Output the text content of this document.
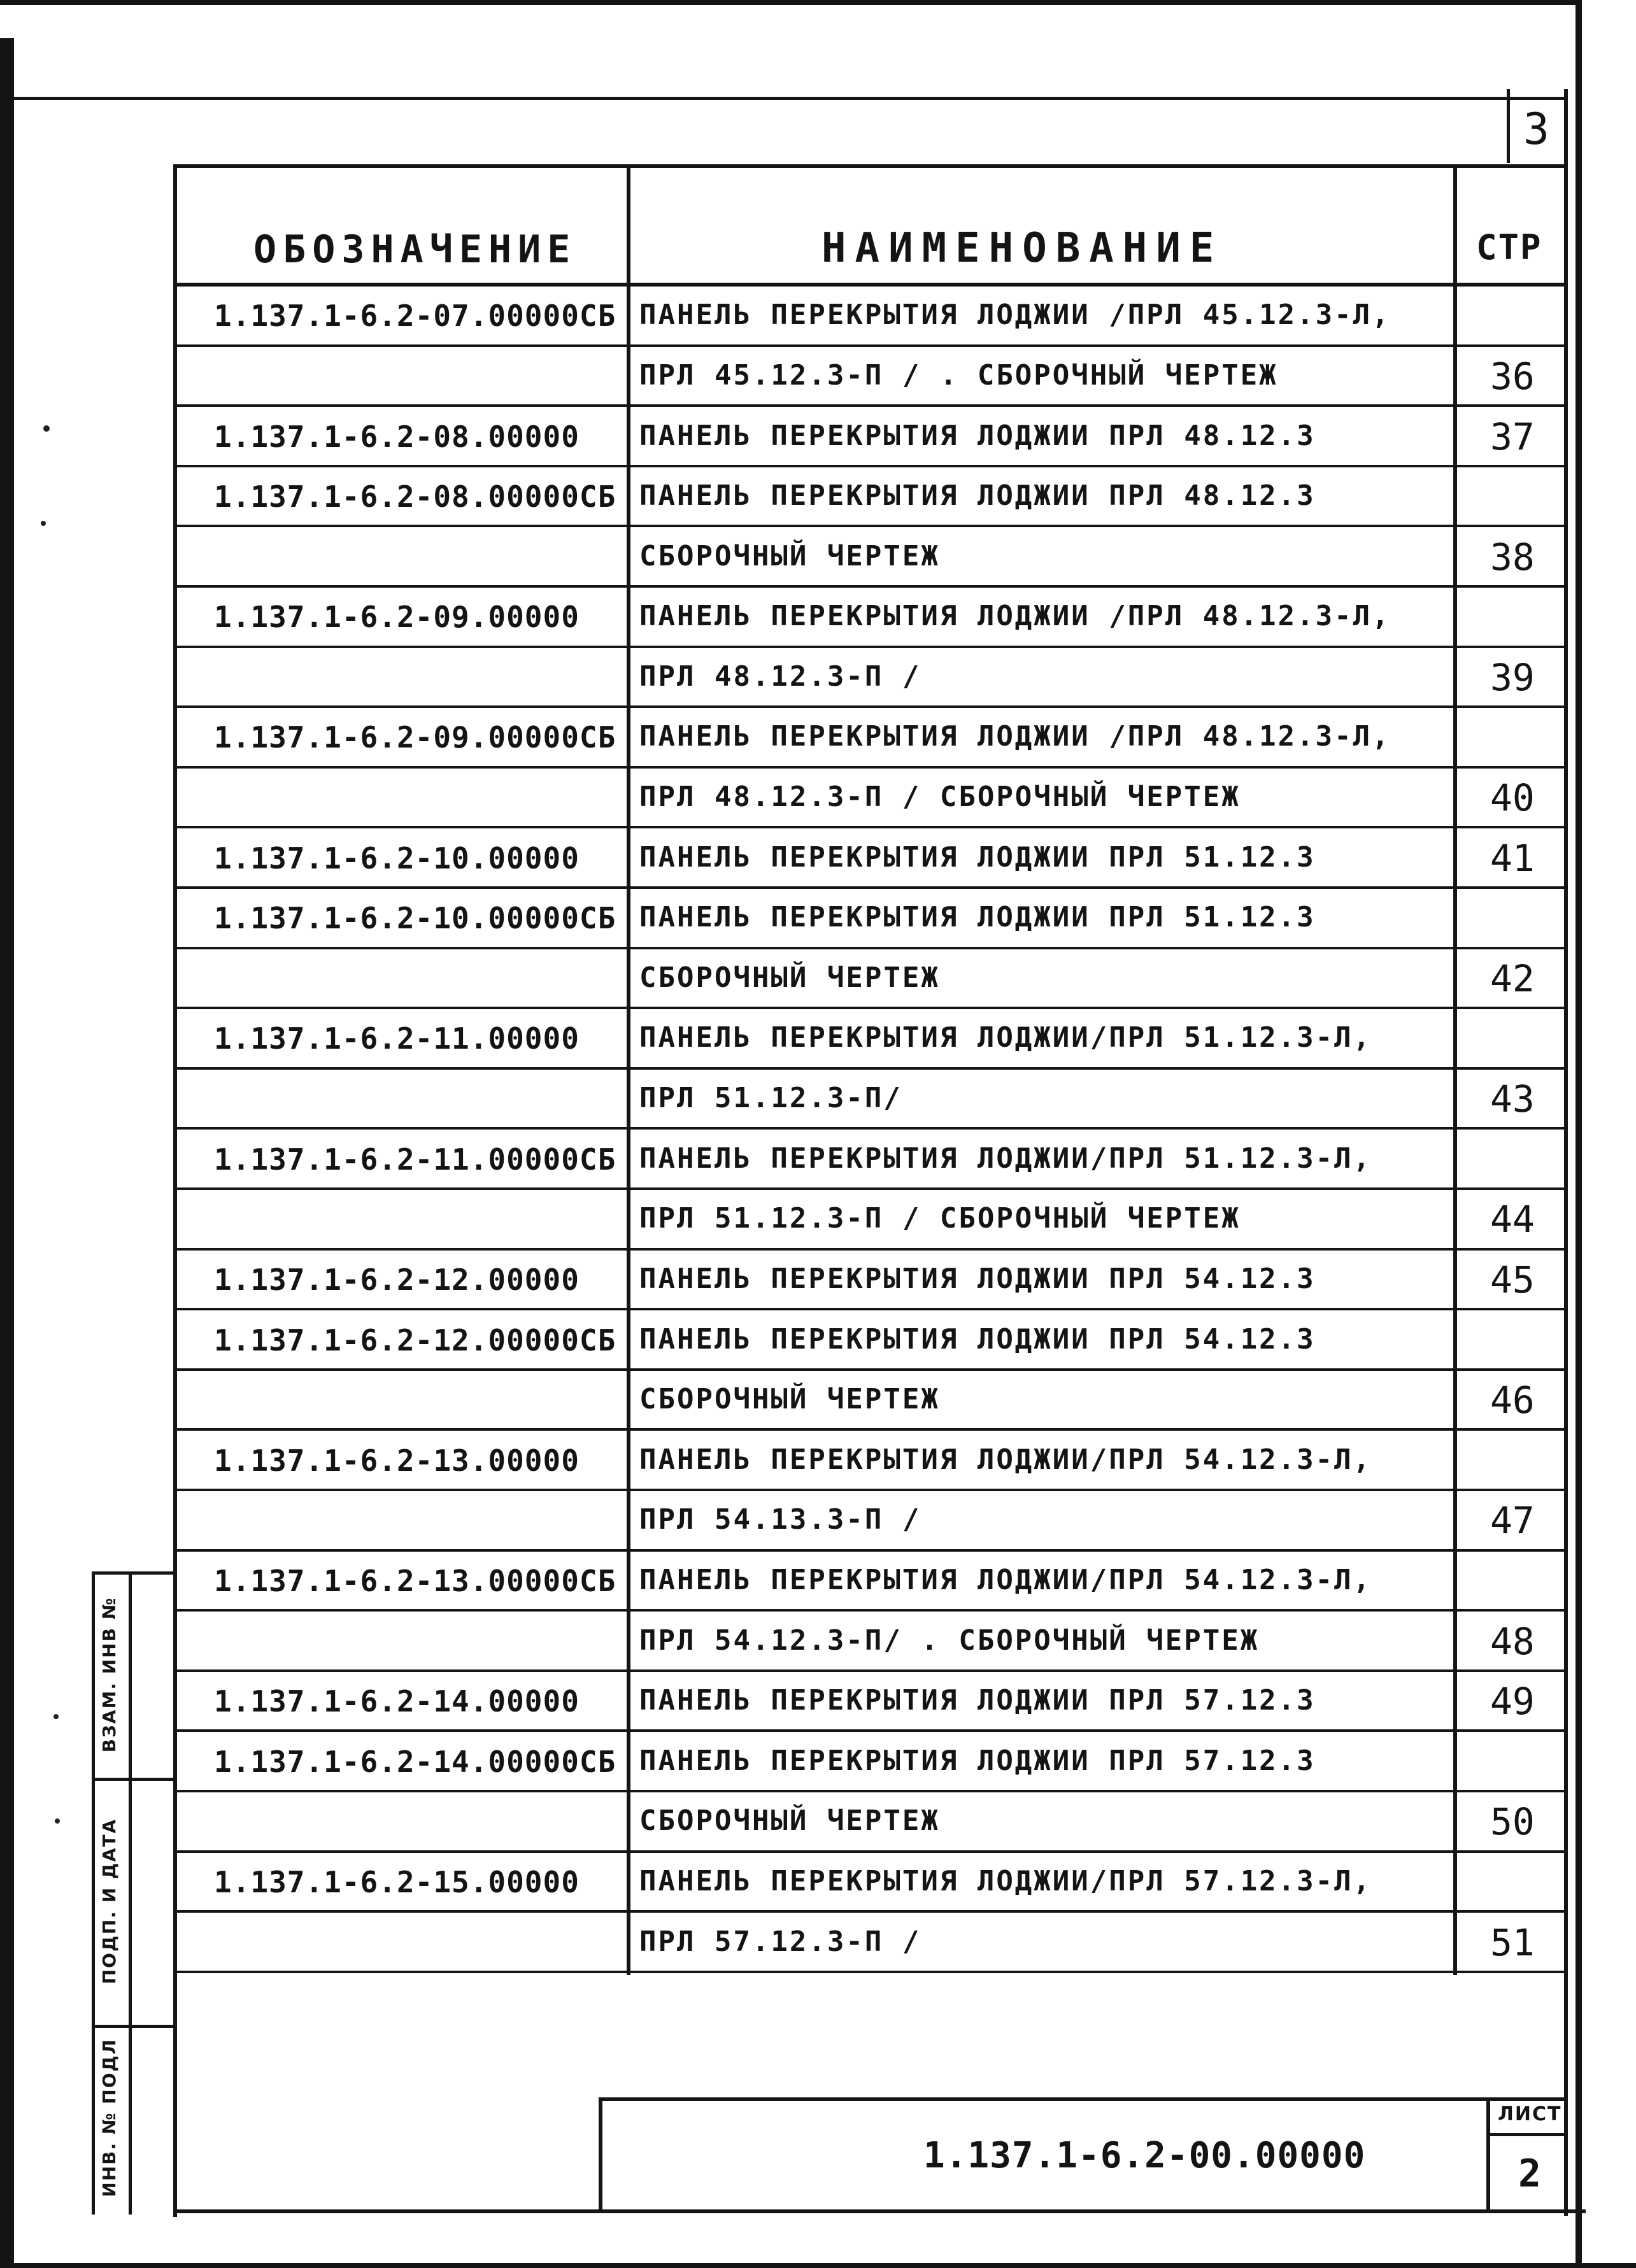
3
ОБОЗНАЧЕНИЕ	НАИМЕНОВАНИЕ	СТР
1.137.1-6.2-07.00000СБ ПАНЕЛЬ ПЕРЕКРЫТИЯ ЛОДЖИИ /ПРЛ 45.12.3-Л,
ПРЛ 45.12.3-П / . СБОРОЧНЫЙ ЧЕРТЕЖ	36
1.137.1-6.2-08.00000 ПАНЕЛЬ ПЕРЕКРЫТИЯ ЛОДЖИИ ПРЛ 48.12.3	37
1.137.1-6.2-08.00000СБ ПАНЕЛЬ ПЕРЕКРЫТИЯ ЛОДЖИИ ПРЛ 48.12.3
СБОРОЧНЫЙ ЧЕРТЕЖ	38
1.137.1-6.2-09.00000 ПАНЕЛЬ ПЕРЕКРЫТИЯ ЛОДЖИИ /ПРЛ 48.12.3-Л,
ПРЛ 48.12.3-П /	39
1.137.1-6.2-09.00000СБ ПАНЕЛЬ ПЕРЕКРЫТИЯ ЛОДЖИИ /ПРЛ 48.12.3-Л,
ПРЛ 48.12.3-П / СБОРОЧНЫЙ ЧЕРТЕЖ	40
1.137.1-6.2-10.00000 ПАНЕЛЬ ПЕРЕКРЫТИЯ ЛОДЖИИ ПРЛ 51.12.3	41
1.137.1-6.2-10.00000СБ ПАНЕЛЬ ПЕРЕКРЫТИЯ ЛОДЖИИ ПРЛ 51.12.3
СБОРОЧНЫЙ ЧЕРТЕЖ	42
1.137.1-6.2-11.00000 ПАНЕЛЬ ПЕРЕКРЫТИЯ ЛОДЖИИ/ПРЛ 51.12.3-Л,
ПРЛ 51.12.3-П/	43
1.137.1-6.2-11.00000СБ ПАНЕЛЬ ПЕРЕКРЫТИЯ ЛОДЖИИ/ПРЛ 51.12.3-Л,
ПРЛ 51.12.3-П / СБОРОЧНЫЙ ЧЕРТЕЖ	44
1.137.1-6.2-12.00000 ПАНЕЛЬ ПЕРЕКРЫТИЯ ЛОДЖИИ ПРЛ 54.12.3	45
1.137.1-6.2-12.00000СБ ПАНЕЛЬ ПЕРЕКРЫТИЯ ЛОДЖИИ ПРЛ 54.12.3
СБОРОЧНЫЙ ЧЕРТЕЖ	46
1.137.1-6.2-13.00000 ПАНЕЛЬ ПЕРЕКРЫТИЯ ЛОДЖИИ/ПРЛ 54.12.3-Л,
ПРЛ 54.13.3-П /	47
1.137.1-6.2-13.00000СБ ПАНЕЛЬ ПЕРЕКРЫТИЯ ЛОДЖИИ/ПРЛ 54.12.3-Л,
ПРЛ 54.12.3-П/ . СБОРОЧНЫЙ ЧЕРТЕЖ	48
1.137.1-6.2-14.00000 ПАНЕЛЬ ПЕРЕКРЫТИЯ ЛОДЖИИ ПРЛ 57.12.3	49
1.137.1-6.2-14.00000СБ ПАНЕЛЬ ПЕРЕКРЫТИЯ ЛОДЖИИ ПРЛ 57.12.3
СБОРОЧНЫЙ ЧЕРТЕЖ	50
1.137.1-6.2-15.00000 ПАНЕЛЬ ПЕРЕКРЫТИЯ ЛОДЖИИ/ПРЛ 57.12.3-Л,
ПРЛ 57.12.3-П /	51
ВЗАМ. ИНВ №
ПОДП. И ДАТА
ИНВ. № ПОДЛ	1.137.1-6.2-00.00000
ЛИСТ
2
